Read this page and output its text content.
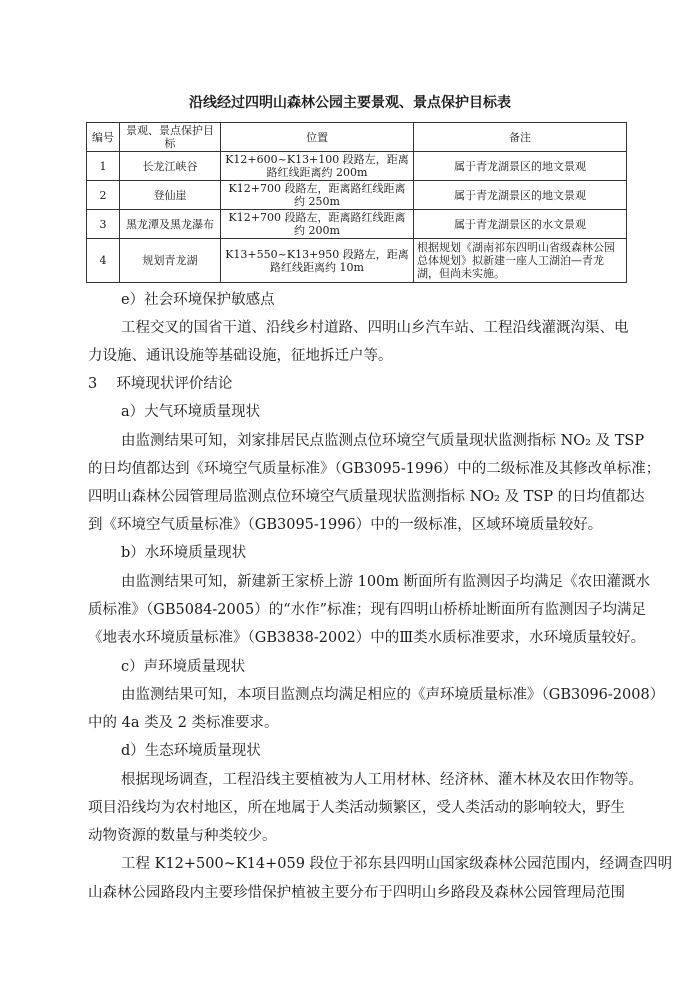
沿线经过四明山森林公园主要景观、景点保护目标表
编号	景观、景点保护目标	位置	备注
1	长龙江峡谷	K12+600~K13+100 段路左，距离路红线距离约 200m	属于青龙湖景区的地文景观
2	登仙崖	K12+700 段路左，距离路红线距离约 250m	属于青龙湖景区的地文景观
3	黑龙潭及黑龙瀑布	K12+700 段路左，距离路红线距离约 200m	属于青龙湖景区的水文景观
4	规划青龙湖	K13+550~K13+950 段路左，距离路红线距离约 10m	根据规划《湖南祁东四明山省级森林公园总体规划》拟新建一座人工湖泊—青龙湖，但尚未实施。
e）社会环境保护敏感点
工程交叉的国省干道、沿线乡村道路、四明山乡汽车站、工程沿线灌溉沟渠、电
力设施、通讯设施等基础设施，征地拆迁户等。
3　 环境现状评价结论
a）大气环境质量现状
由监测结果可知，刘家排居民点监测点位环境空气质量现状监测指标 NO₂ 及 TSP
的日均值都达到《环境空气质量标准》（GB3095-1996）中的二级标准及其修改单标准；
四明山森林公园管理局监测点位环境空气质量现状监测指标 NO₂ 及 TSP 的日均值都达
到《环境空气质量标准》（GB3095-1996）中的一级标准，区域环境质量较好。
b）水环境质量现状
由监测结果可知，新建新王家桥上游 100m 断面所有监测因子均满足《农田灌溉水
质标准》（GB5084-2005）的“水作”标准；现有四明山桥桥址断面所有监测因子均满足
《地表水环境质量标准》（GB3838-2002）中的Ⅲ类水质标准要求，水环境质量较好。
c）声环境质量现状
由监测结果可知，本项目监测点均满足相应的《声环境质量标准》（GB3096-2008）
中的 4a 类及 2 类标准要求。
d）生态环境质量现状
根据现场调查，工程沿线主要植被为人工用材林、经济林、灌木林及农田作物等。
项目沿线均为农村地区，所在地属于人类活动频繁区，受人类活动的影响较大，野生
动物资源的数量与种类较少。
工程 K12+500~K14+059 段位于祁东县四明山国家级森林公园范围内，经调查四明
山森林公园路段内主要珍惜保护植被主要分布于四明山乡路段及森林公园管理局范围
